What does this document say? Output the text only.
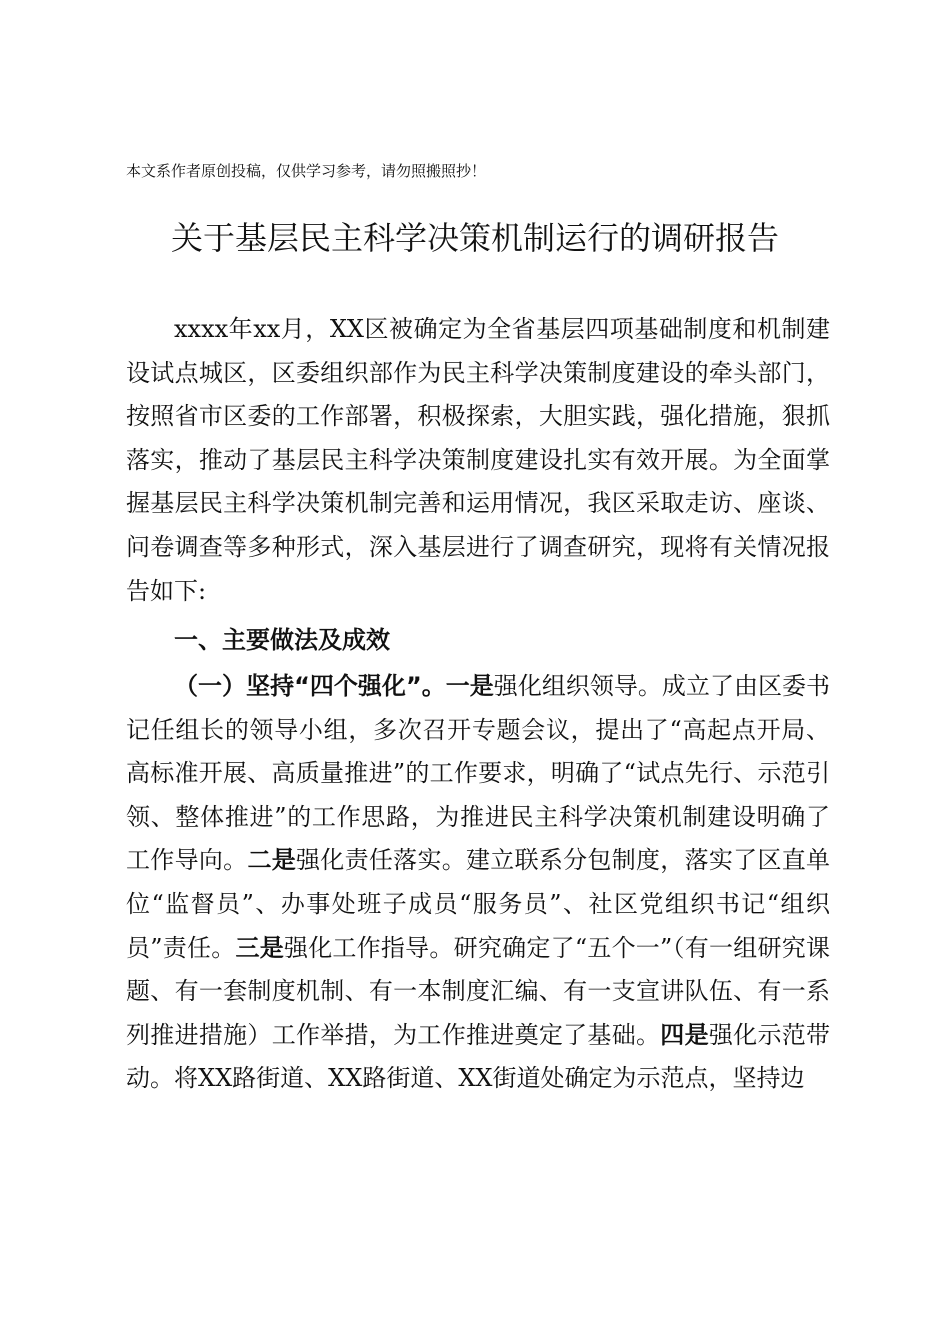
本文系作者原创投稿，仅供学习参考，请勿照搬照抄！
关于基层民主科学决策机制运行的调研报告

xxxx年xx月，XX区被确定为全省基层四项基础制度和机制建设试点城区，区委组织部作为民主科学决策制度建设的牵头部门，按照省市区委的工作部署，积极探索，大胆实践，强化措施，狠抓落实，推动了基层民主科学决策制度建设扎实有效开展。为全面掌握基层民主科学决策机制完善和运用情况，我区采取走访、座谈、问卷调查等多种形式，深入基层进行了调查研究，现将有关情况报告如下:

一、主要做法及成效

（一）坚持“四个强化”。一是强化组织领导。成立了由区委书记任组长的领导小组，多次召开专题会议，提出了“高起点开局、高标准开展、高质量推进”的工作要求，明确了“试点先行、示范引领、整体推进”的工作思路，为推进民主科学决策机制建设明确了工作导向。二是强化责任落实。建立联系分包制度，落实了区直单位“监督员”、办事处班子成员“服务员”、社区党组织书记“组织员”责任。三是强化工作指导。研究确定了“五个一”（有一组研究课题、有一套制度机制、有一本制度汇编、有一支宣讲队伍、有一系列推进措施）工作举措，为工作推进奠定了基础。四是强化示范带动。将XX路街道、XX路街道、XX街道处确定为示范点，坚持边
